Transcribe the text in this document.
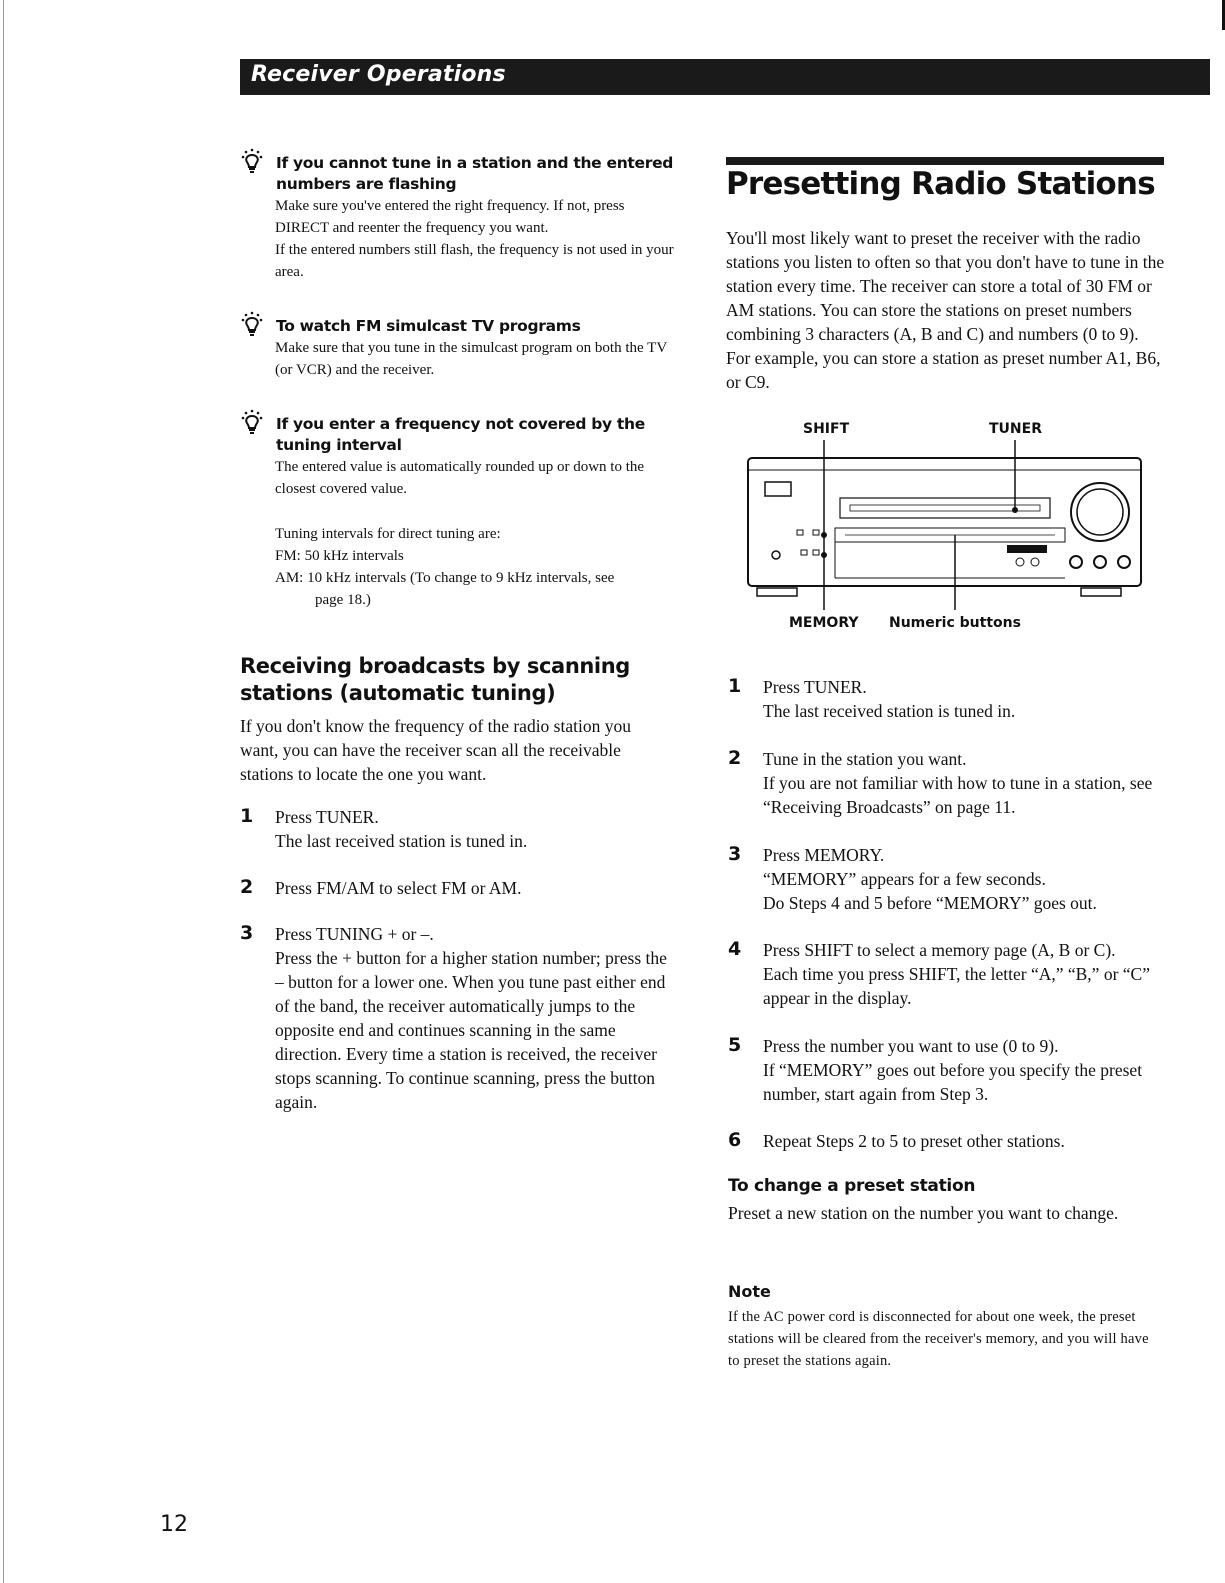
Receiver Operations
If you cannot tune in a station and the entered numbers are flashing

Make sure you've entered the right frequency. If not, press DIRECT and reenter the frequency you want.

If the entered numbers still flash, the frequency is not used in your area.

To watch FM simulcast TV programs

Make sure that you tune in the simulcast program on both the TV (or VCR) and the receiver.

If you enter a frequency not covered by the tuning interval

The entered value is automatically rounded up or down to the closest covered value.

Tuning intervals for direct tuning are:

FM: 50 kHz intervals

AM: 10 kHz intervals (To change to 9 kHz intervals, see

page 18.)

Receiving broadcasts by scanning stations (automatic tuning)
If you don't know the frequency of the radio station you want, you can have the receiver scan all the receivable stations to locate the one you want.
1 Press TUNER.

The last received station is tuned in.

2 Press FM/AM to select FM or AM.

3 Press TUNING + or –.

Press the + button for a higher station number; press the – button for a lower one. When you tune past either end of the band, the receiver automatically jumps to the opposite end and continues scanning in the same direction. Every time a station is received, the receiver stops scanning. To continue scanning, press the button again.

Presetting Radio Stations
You'll most likely want to preset the receiver with the radio stations you listen to often so that you don't have to tune in the station every time. The receiver can store a total of 30 FM or AM stations. You can store the stations on preset numbers combining 3 characters (A, B and C) and numbers (0 to 9). For example, you can store a station as preset number A1, B6, or C9.
SHIFT	TUNER
MEMORY Numeric buttons
1 Press TUNER.

The last received station is tuned in.

2 Tune in the station you want.

If you are not familiar with how to tune in a station, see “Receiving Broadcasts” on page 11.

3 Press MEMORY.

“MEMORY” appears for a few seconds.

Do Steps 4 and 5 before “MEMORY” goes out.

4 Press SHIFT to select a memory page (A, B or C).

Each time you press SHIFT, the letter “A,” “B,” or “C” appear in the display.

5 Press the number you want to use (0 to 9).

If “MEMORY” goes out before you specify the preset number, start again from Step 3.

6 Repeat Steps 2 to 5 to preset other stations.

To change a preset station
Preset a new station on the number you want to change.
Note
If the AC power cord is disconnected for about one week, the preset stations will be cleared from the receiver's memory, and you will have to preset the stations again.
12
